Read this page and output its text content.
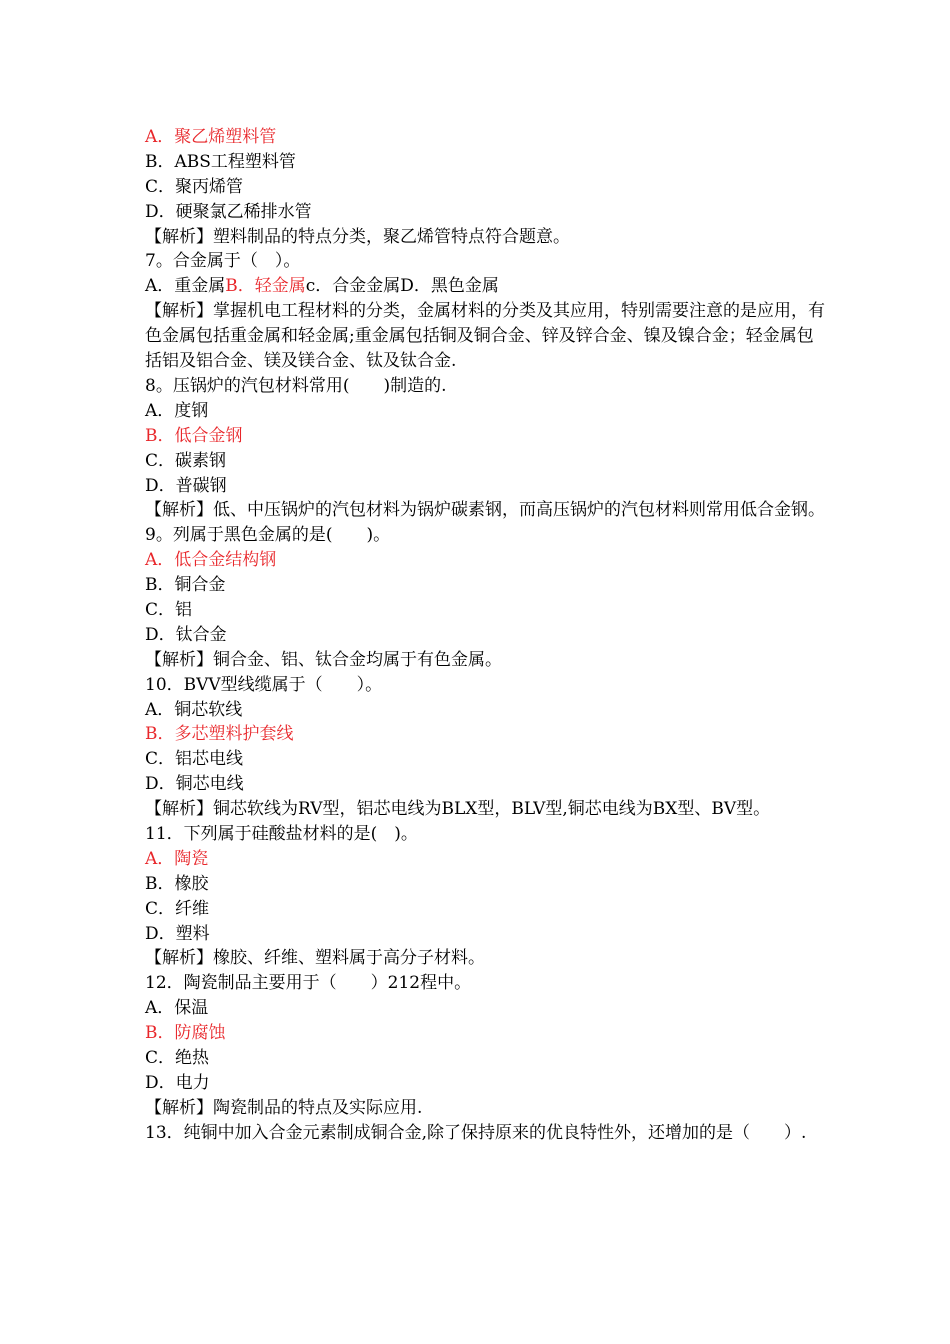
A．聚乙烯塑料管
B．ABS工程塑料管
C．聚丙烯管
D．硬聚氯乙稀排水管
【解析】塑料制品的特点分类，聚乙烯管特点符合题意。
7。合金属于（　）。
A．重金属B．轻金属c．合金金属D．黑色金属
【解析】掌握机电工程材料的分类，金属材料的分类及其应用，特别需要注意的是应用，有色金属包括重金属和轻金属;重金属包括铜及铜合金、锌及锌合金、镍及镍合金；轻金属包括铝及铝合金、镁及镁合金、钛及钛合金.
8。压锅炉的汽包材料常用(　　)制造的.
A．度钢
B．低合金钢
C．碳素钢
D．普碳钢
【解析】低、中压锅炉的汽包材料为锅炉碳素钢，而高压锅炉的汽包材料则常用低合金钢。
9。列属于黑色金属的是(　　)。
A．低合金结构钢
B．铜合金
C．铝
D．钛合金
【解析】铜合金、铝、钛合金均属于有色金属。
10．BVV型线缆属于（　　）。
A．铜芯软线
B．多芯塑料护套线
C．铝芯电线
D．铜芯电线
【解析】铜芯软线为RV型，铝芯电线为BLX型，BLV型,铜芯电线为BX型、BV型。
11．下列属于硅酸盐材料的是(　)。
A．陶瓷
B．橡胶
C．纤维
D．塑料
【解析】橡胶、纤维、塑料属于高分子材料。
12．陶瓷制品主要用于（　　）212程中。
A．保温
B．防腐蚀
C．绝热
D．电力
【解析】陶瓷制品的特点及实际应用.
13．纯铜中加入合金元素制成铜合金,除了保持原来的优良特性外，还增加的是（　　）.
